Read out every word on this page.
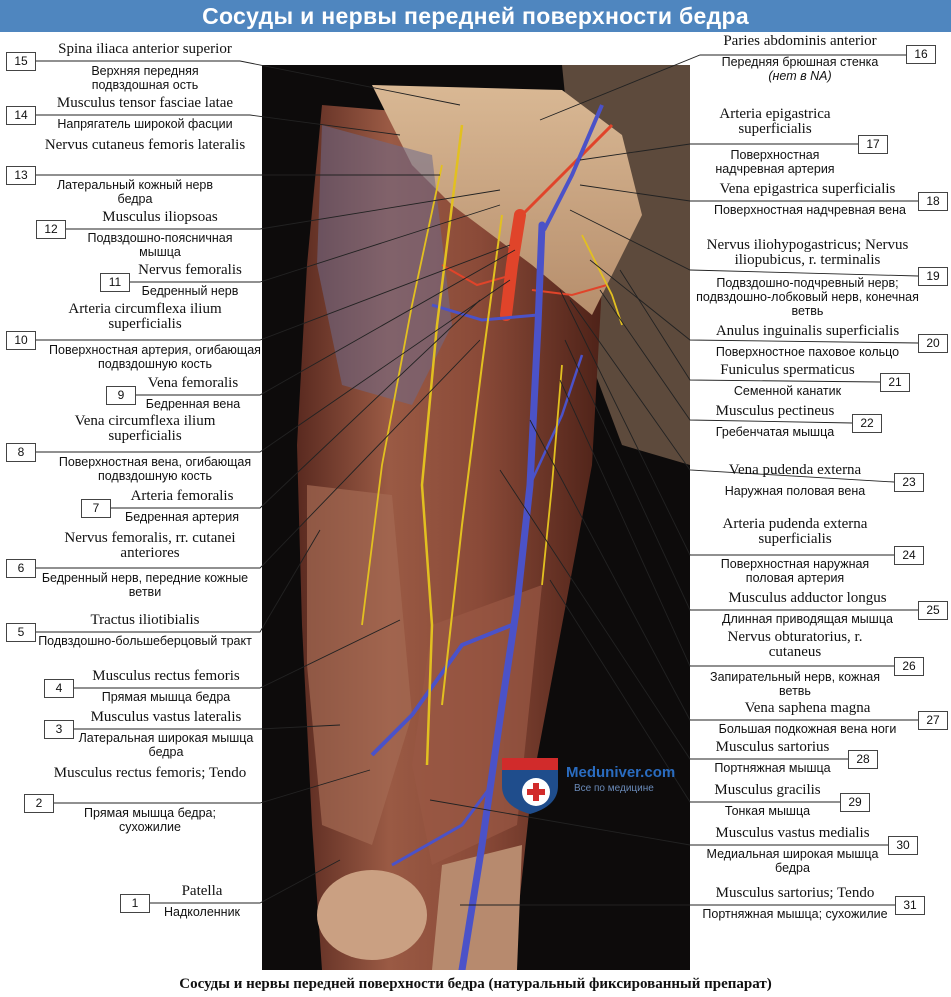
Сосуды и нервы передней поверхности бедра
15
Spina iliaca anterior superior
Верхняя передняя подвздошная ость
14
Musculus tensor fasciae latae
Напрягатель широкой фасции
13
Nervus cutaneus femoris lateralis
Латеральный кожный нерв бедра
12
Musculus iliopsoas
Подвздошно-поясничная мышца
11
Nervus femoralis
Бедренный нерв
10
Arteria circumflexa ilium superficialis
Поверхностная артерия, огибающая подвздошную кость
9
Vena femoralis
Бедренная вена
8
Vena circumflexa ilium superficialis
Поверхностная вена, огибающая подвздошную кость
7
Arteria femoralis
Бедренная артерия
6
Nervus femoralis, rr. cutanei anteriores
Бедренный нерв, передние кожные ветви
5
Tractus iliotibialis
Подвздошно-большеберцовый тракт
4
Musculus rectus femoris
Прямая мышца бедра
3
Musculus vastus lateralis
Латеральная широкая мышца бедра
2
Musculus rectus femoris; Tendo
Прямая мышца бедра; сухожилие
1
Patella
Надколенник
16
Paries abdominis anterior
Передняя брюшная стенка
(нет в NA)
17
Arteria epigastrica superficialis
Поверхностная надчревная артерия
18
Vena epigastrica superficialis
Поверхностная надчревная вена
19
Nervus iliohypogastricus; Nervus iliopubicus, r. terminalis
Подвздошно-подчревный нерв; подвздошно-лобковый нерв, конечная ветвь
20
Anulus inguinalis superficialis
Поверхностное паховое кольцо
21
Funiculus spermaticus
Семенной канатик
22
Musculus pectineus
Гребенчатая мышца
23
Vena pudenda externa
Наружная половая вена
24
Arteria pudenda externa superficialis
Поверхностная наружная половая артерия
25
Musculus adductor longus
Длинная приводящая мышца
26
Nervus obturatorius, r. cutaneus
Запирательный нерв, кожная ветвь
27
Vena saphena magna
Большая подкожная вена ноги
28
Musculus sartorius
Портняжная мышца
29
Musculus gracilis
Тонкая мышца
30
Musculus vastus medialis
Медиальная широкая мышца бедра
31
Musculus sartorius; Tendo
Портняжная мышца; сухожилие
Meduniver.com
Все по медицине
Сосуды и нервы передней поверхности бедра (натуральный фиксированный препарат)
